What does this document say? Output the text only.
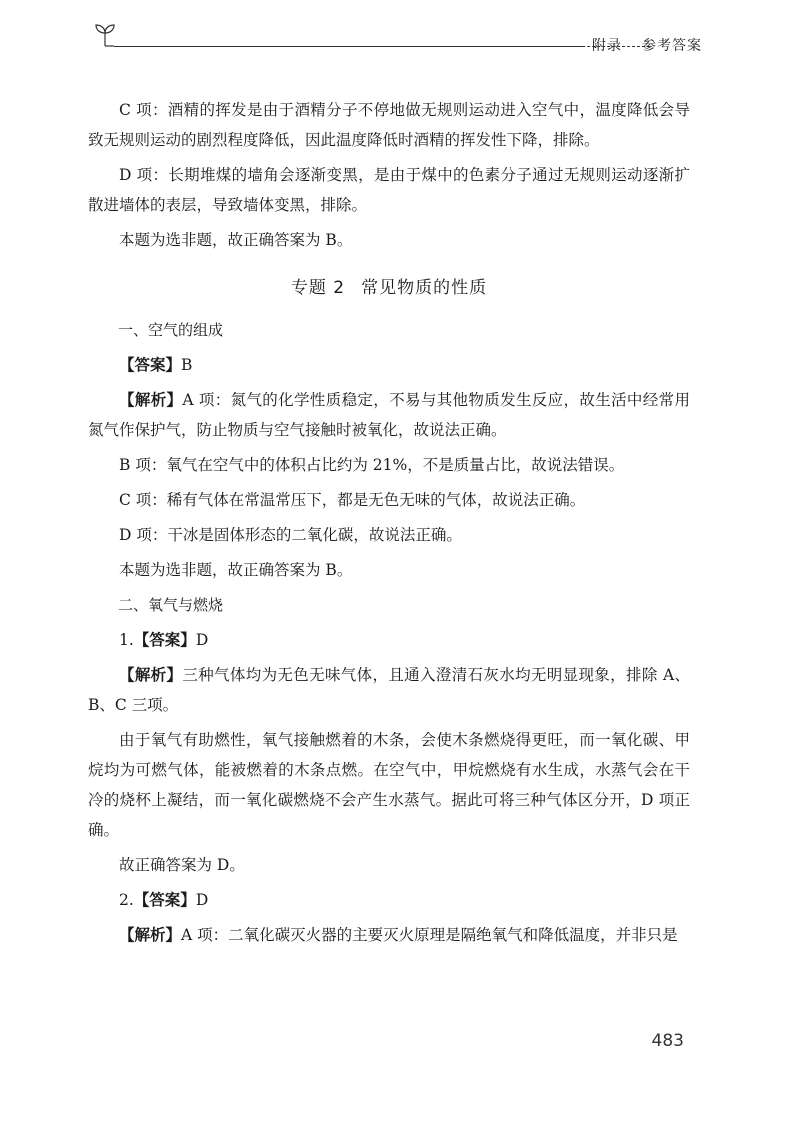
附录 参考答案

C 项：酒精的挥发是由于酒精分子不停地做无规则运动进入空气中，温度降低会导致无规则运动的剧烈程度降低，因此温度降低时酒精的挥发性下降，排除。

D 项：长期堆煤的墙角会逐渐变黑，是由于煤中的色素分子通过无规则运动逐渐扩散进墙体的表层，导致墙体变黑，排除。

本题为选非题，故正确答案为 B。

专题 2 常见物质的性质

一、空气的组成

【答案】B

【解析】A 项：氮气的化学性质稳定，不易与其他物质发生反应，故生活中经常用氮气作保护气，防止物质与空气接触时被氧化，故说法正确。

B 项：氧气在空气中的体积占比约为 21%，不是质量占比，故说法错误。

C 项：稀有气体在常温常压下，都是无色无味的气体，故说法正确。

D 项：干冰是固体形态的二氧化碳，故说法正确。

本题为选非题，故正确答案为 B。

二、氧气与燃烧

1.【答案】D

【解析】三种气体均为无色无味气体，且通入澄清石灰水均无明显现象，排除 A、B、C 三项。

由于氧气有助燃性，氧气接触燃着的木条，会使木条燃烧得更旺，而一氧化碳、甲烷均为可燃气体，能被燃着的木条点燃。在空气中，甲烷燃烧有水生成，水蒸气会在干冷的烧杯上凝结，而一氧化碳燃烧不会产生水蒸气。据此可将三种气体区分开，D 项正确。

故正确答案为 D。

2.【答案】D

【解析】A 项：二氧化碳灭火器的主要灭火原理是隔绝氧气和降低温度，并非只是

483
